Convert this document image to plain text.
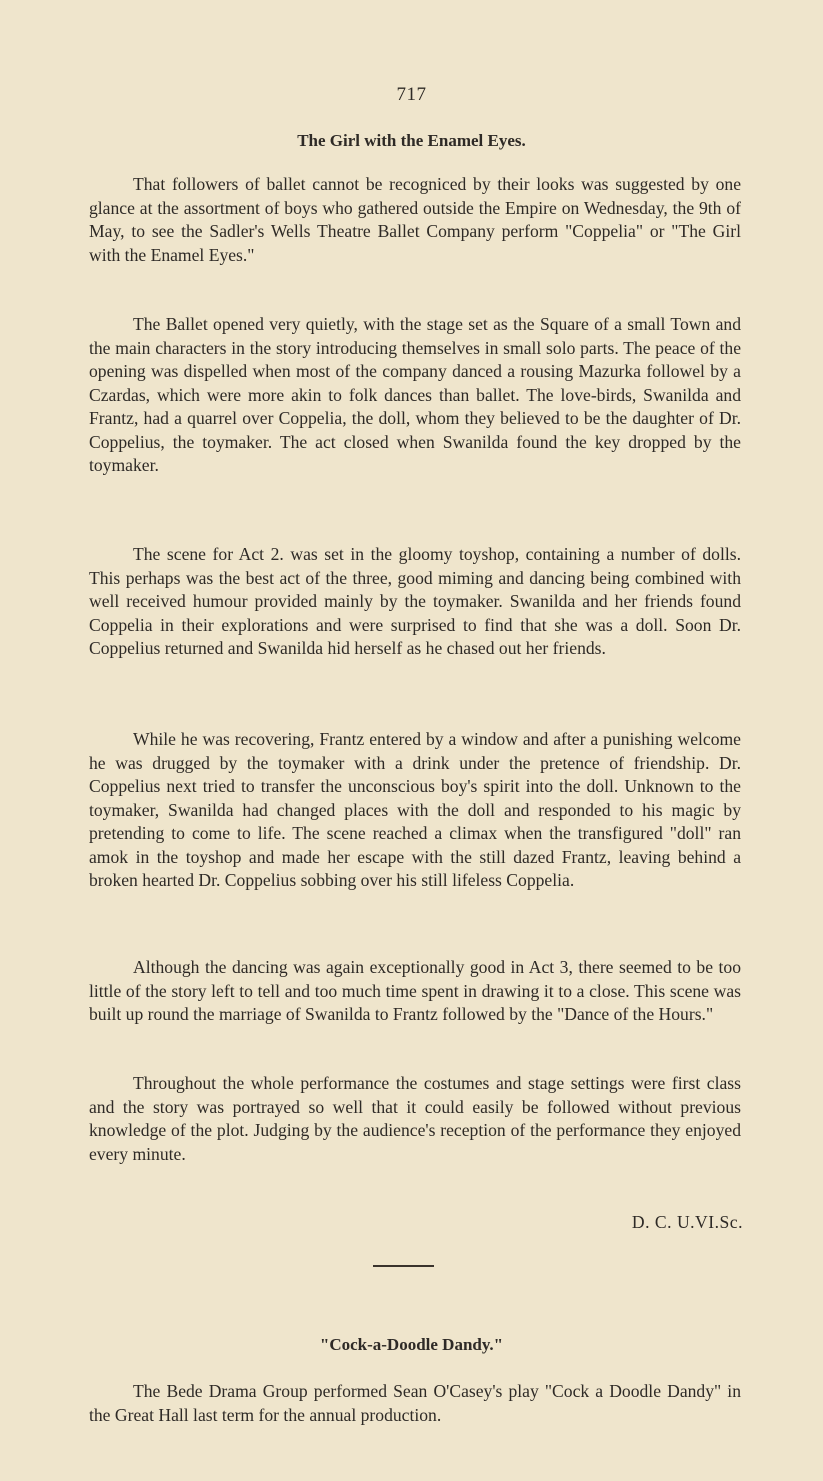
717
The Girl with the Enamel Eyes.

That followers of ballet cannot be recogniced by their looks was suggested by one glance at the assortment of boys who gathered outside the Empire on Wednesday, the 9th of May, to see the Sadler's Wells Theatre Ballet Company perform "Coppelia" or "The Girl with the Enamel Eyes."

The Ballet opened very quietly, with the stage set as the Square of a small Town and the main characters in the story introducing themselves in small solo parts. The peace of the opening was dispelled when most of the company danced a rousing Mazurka followel by a Czardas, which were more akin to folk dances than ballet. The love-birds, Swanilda and Frantz, had a quarrel over Coppelia, the doll, whom they believed to be the daughter of Dr. Coppelius, the toymaker. The act closed when Swanilda found the key dropped by the toymaker.

The scene for Act 2. was set in the gloomy toyshop, containing a number of dolls. This perhaps was the best act of the three, good miming and dancing being combined with well received humour provided mainly by the toymaker. Swanilda and her friends found Coppelia in their explorations and were surprised to find that she was a doll. Soon Dr. Coppelius returned and Swanilda hid herself as he chased out her friends.

While he was recovering, Frantz entered by a window and after a punishing welcome he was drugged by the toymaker with a drink under the pretence of friendship. Dr. Coppelius next tried to transfer the unconscious boy's spirit into the doll. Unknown to the toymaker, Swanilda had changed places with the doll and responded to his magic by pretending to come to life. The scene reached a climax when the transfigured "doll" ran amok in the toyshop and made her escape with the still dazed Frantz, leaving behind a broken hearted Dr. Coppelius sobbing over his still lifeless Coppelia.

Although the dancing was again exceptionally good in Act 3, there seemed to be too little of the story left to tell and too much time spent in drawing it to a close. This scene was built up round the marriage of Swanilda to Frantz followed by the "Dance of the Hours."

Throughout the whole performance the costumes and stage settings were first class and the story was portrayed so well that it could easily be followed without previous knowledge of the plot. Judging by the audience's reception of the performance they enjoyed every minute.

D. C. U.VI.Sc.
"Cock-a-Doodle Dandy."

The Bede Drama Group performed Sean O'Casey's play "Cock a Doodle Dandy" in the Great Hall last term for the annual production.
